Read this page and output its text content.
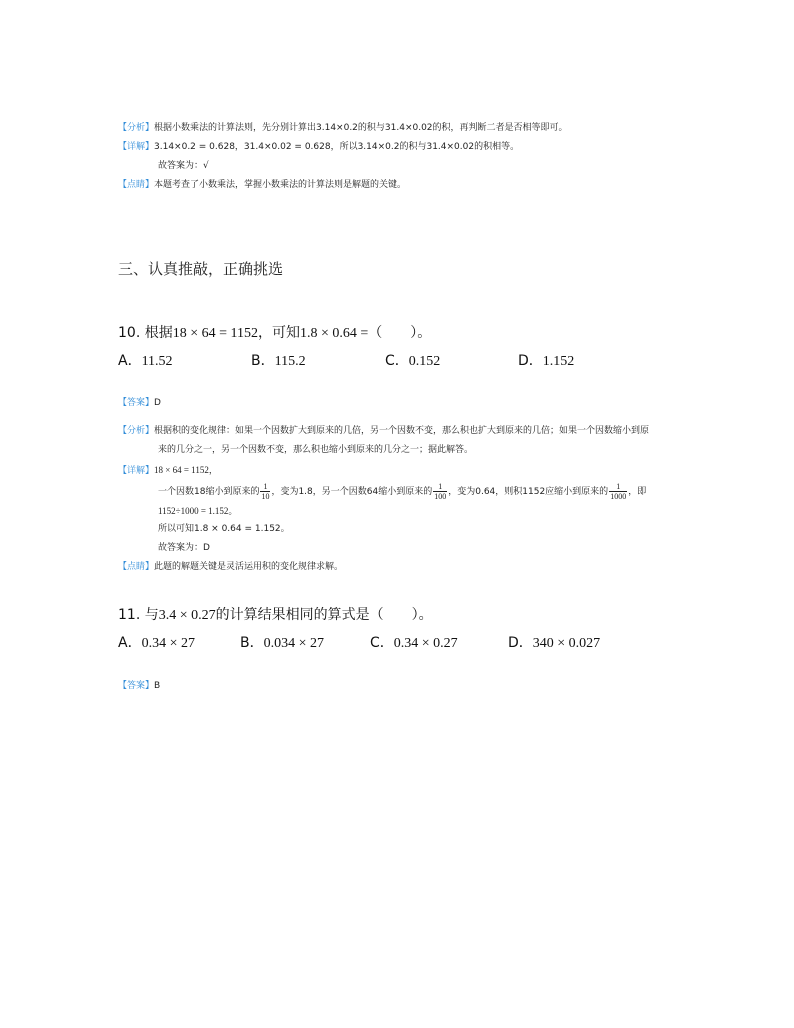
【分析】根据小数乘法的计算法则，先分别计算出3.14×0.2的积与31.4×0.02的积，再判断二者是否相等即可。
【详解】3.14×0.2 = 0.628，31.4×0.02 = 0.628，所以3.14×0.2的积与31.4×0.02的积相等。
故答案为：√
【点睛】本题考查了小数乘法，掌握小数乘法的计算法则是解题的关键。
三、认真推敲，正确挑选
10. 根据18 × 64 = 1152，可知1.8 × 0.64 =（　　）。
A．11.52	B．115.2	C．0.152	D．1.152
【答案】D
【分析】根据积的变化规律：如果一个因数扩大到原来的几倍，另一个因数不变，那么积也扩大到原来的几倍；如果一个因数缩小到原
来的几分之一，另一个因数不变，那么积也缩小到原来的几分之一；据此解答。
【详解】18 × 64 = 1152，
一个因数18缩小到原来的 $\frac{1}{10}$ ，变为1.8，另一个因数64缩小到原来的 $\frac{1}{100}$ ，变为0.64，则积1152应缩小到原来的 $\frac{1}{1000}$ ，即
1152÷1000 = 1.152。
所以可知1.8 × 0.64 = 1.152。
故答案为：D
【点睛】此题的解题关键是灵活运用积的变化规律求解。
11. 与3.4 × 0.27的计算结果相同的算式是（　　）。
A．0.34 × 27	B．0.034 × 27	C．0.34 × 0.27	D．340 × 0.027
【答案】B
